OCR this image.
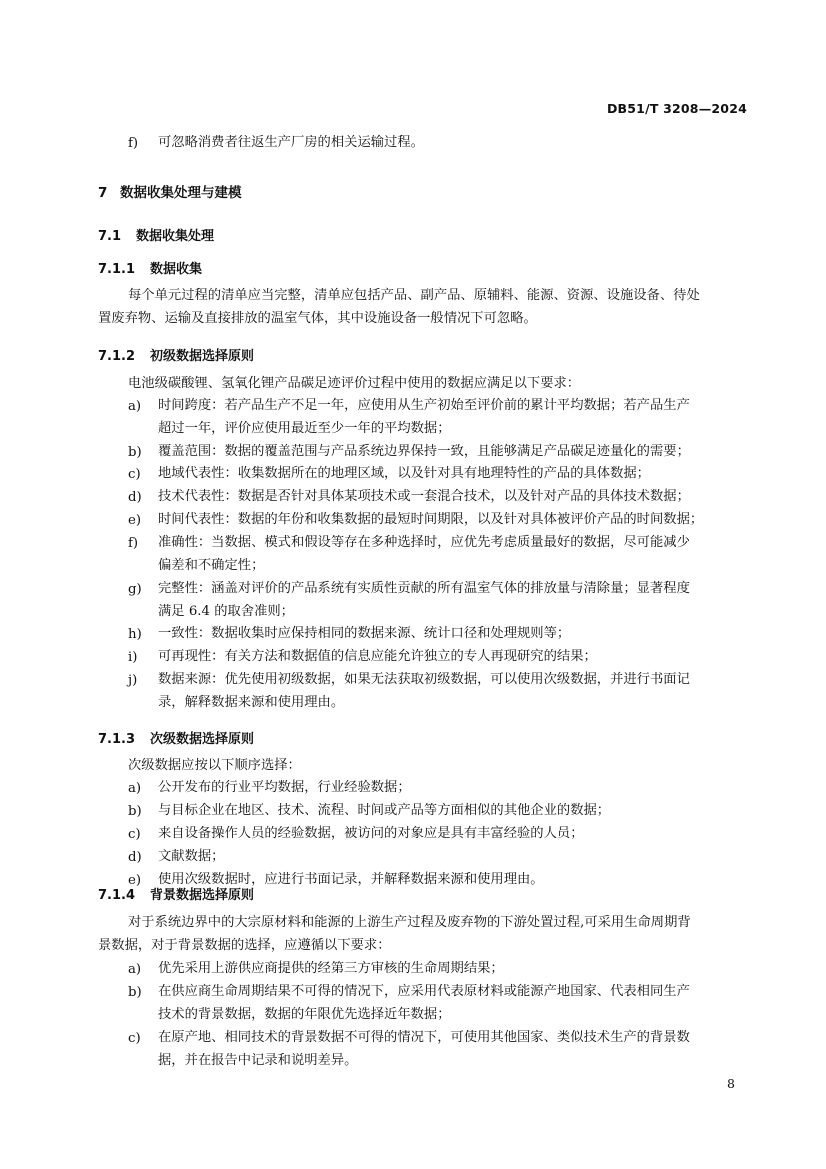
DB51/T 3208—2024
f) 可忽略消费者往返生产厂房的相关运输过程。
7 数据收集处理与建模
7.1 数据收集处理
7.1.1 数据收集
每个单元过程的清单应当完整，清单应包括产品、副产品、原辅料、能源、资源、设施设备、待处
置废弃物、运输及直接排放的温室气体，其中设施设备一般情况下可忽略。
7.1.2 初级数据选择原则
电池级碳酸锂、氢氧化锂产品碳足迹评价过程中使用的数据应满足以下要求：
a) 时间跨度：若产品生产不足一年，应使用从生产初始至评价前的累计平均数据；若产品生产
超过一年，评价应使用最近至少一年的平均数据；
b) 覆盖范围：数据的覆盖范围与产品系统边界保持一致，且能够满足产品碳足迹量化的需要；
c) 地域代表性：收集数据所在的地理区域，以及针对具有地理特性的产品的具体数据；
d) 技术代表性：数据是否针对具体某项技术或一套混合技术，以及针对产品的具体技术数据；
e) 时间代表性：数据的年份和收集数据的最短时间期限，以及针对具体被评价产品的时间数据；
f) 准确性：当数据、模式和假设等存在多种选择时，应优先考虑质量最好的数据，尽可能减少
偏差和不确定性；
g) 完整性：涵盖对评价的产品系统有实质性贡献的所有温室气体的排放量与清除量；显著程度
满足 6.4 的取舍准则；
h) 一致性：数据收集时应保持相同的数据来源、统计口径和处理规则等；
i) 可再现性：有关方法和数据值的信息应能允许独立的专人再现研究的结果；
j) 数据来源：优先使用初级数据，如果无法获取初级数据，可以使用次级数据，并进行书面记
录，解释数据来源和使用理由。
7.1.3 次级数据选择原则
次级数据应按以下顺序选择：
a) 公开发布的行业平均数据，行业经验数据；
b) 与目标企业在地区、技术、流程、时间或产品等方面相似的其他企业的数据；
c) 来自设备操作人员的经验数据，被访问的对象应是具有丰富经验的人员；
d) 文献数据；
e) 使用次级数据时，应进行书面记录，并解释数据来源和使用理由。
7.1.4 背景数据选择原则
对于系统边界中的大宗原材料和能源的上游生产过程及废弃物的下游处置过程,可采用生命周期背
景数据，对于背景数据的选择，应遵循以下要求：
a) 优先采用上游供应商提供的经第三方审核的生命周期结果；
b) 在供应商生命周期结果不可得的情况下，应采用代表原材料或能源产地国家、代表相同生产
技术的背景数据，数据的年限优先选择近年数据；
c) 在原产地、相同技术的背景数据不可得的情况下，可使用其他国家、类似技术生产的背景数
据，并在报告中记录和说明差异。
8
